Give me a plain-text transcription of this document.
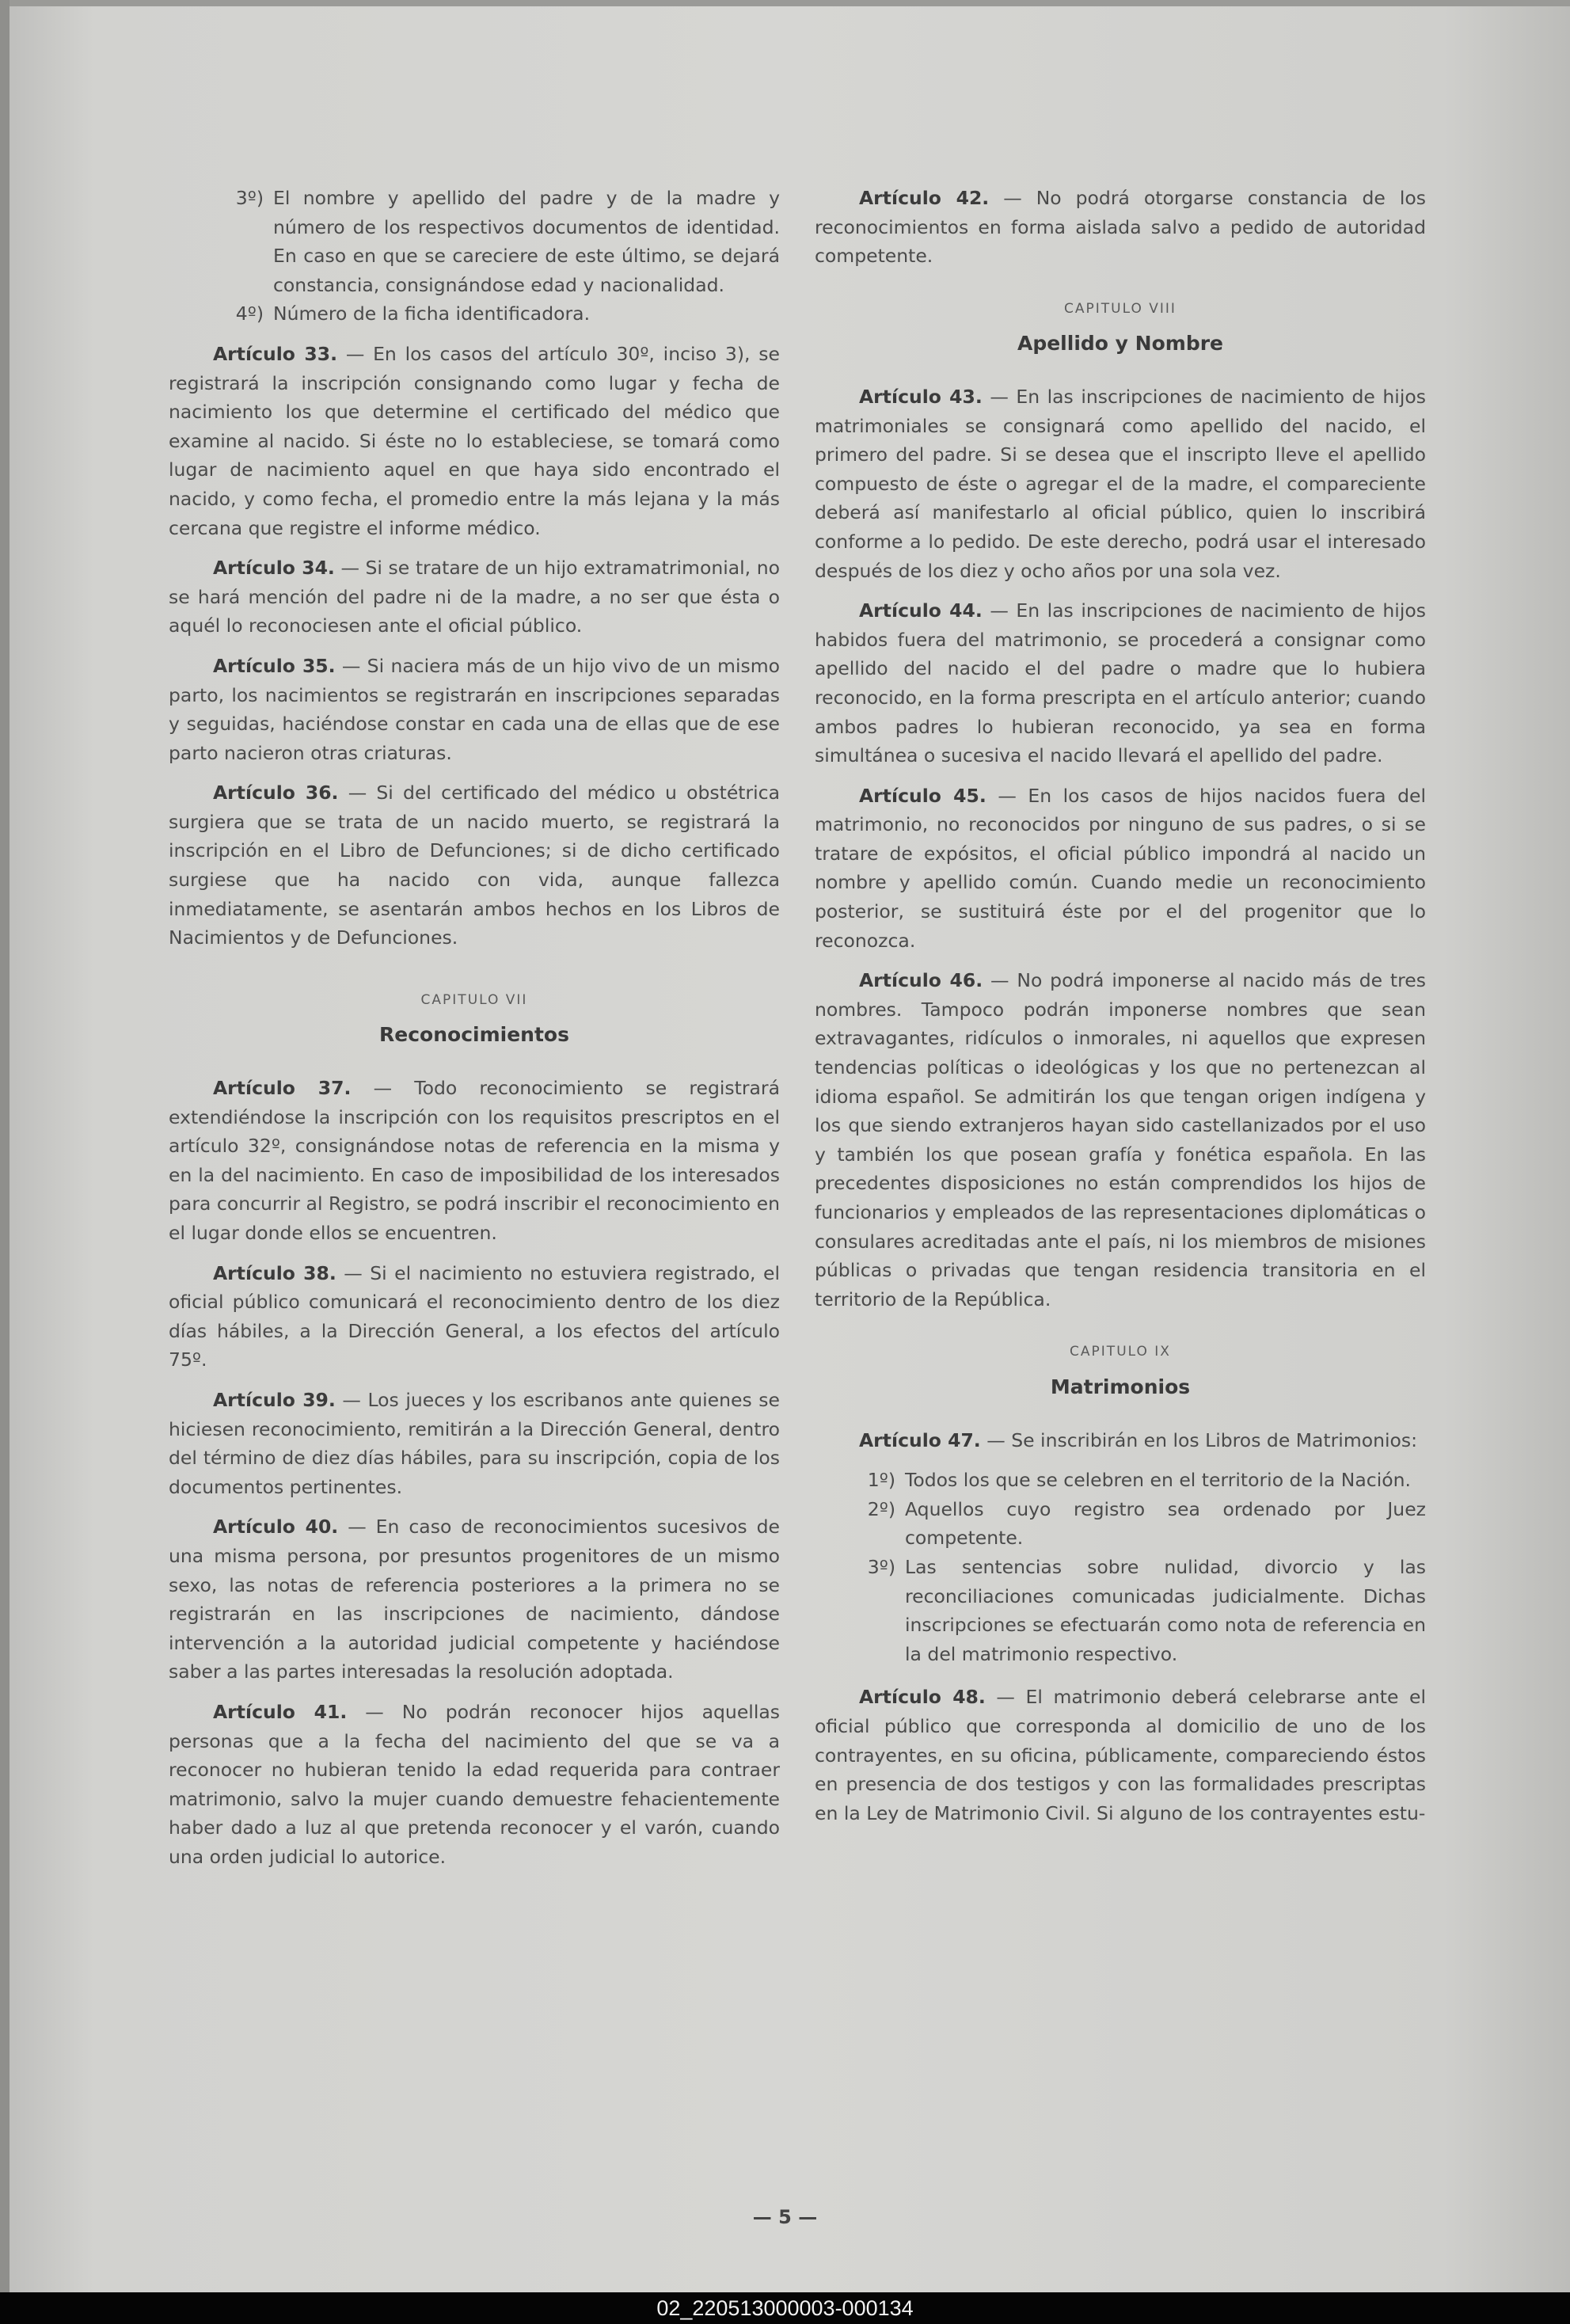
3º) El nombre y apellido del padre y de la madre y número de los respectivos documentos de identidad. En caso en que se careciere de este último, se dejará constancia, consignándose edad y nacionalidad.
4º) Número de la ficha identificadora.

Artículo 33. — En los casos del artículo 30º, inciso 3), se registrará la inscripción consignando como lugar y fecha de nacimiento los que determine el certificado del médico que examine al nacido. Si éste no lo estableciese, se tomará como lugar de nacimiento aquel en que haya sido encontrado el nacido, y como fecha, el promedio entre la más lejana y la más cercana que registre el informe médico.

Artículo 34. — Si se tratare de un hijo extramatrimonial, no se hará mención del padre ni de la madre, a no ser que ésta o aquél lo reconociesen ante el oficial público.

Artículo 35. — Si naciera más de un hijo vivo de un mismo parto, los nacimientos se registrarán en inscripciones separadas y seguidas, haciéndose constar en cada una de ellas que de ese parto nacieron otras criaturas.

Artículo 36. — Si del certificado del médico u obstétrica surgiera que se trata de un nacido muerto, se registrará la inscripción en el Libro de Defunciones; si de dicho certificado surgiese que ha nacido con vida, aunque fallezca inmediatamente, se asentarán ambos hechos en los Libros de Nacimientos y de Defunciones.

CAPITULO VII
Reconocimientos

Artículo 37. — Todo reconocimiento se registrará extendiéndose la inscripción con los requisitos prescriptos en el artículo 32º, consignándose notas de referencia en la misma y en la del nacimiento. En caso de imposibilidad de los interesados para concurrir al Registro, se podrá inscribir el reconocimiento en el lugar donde ellos se encuentren.

Artículo 38. — Si el nacimiento no estuviera registrado, el oficial público comunicará el reconocimiento dentro de los diez días hábiles, a la Dirección General, a los efectos del artículo 75º.

Artículo 39. — Los jueces y los escribanos ante quienes se hiciesen reconocimiento, remitirán a la Dirección General, dentro del término de diez días hábiles, para su inscripción, copia de los documentos pertinentes.

Artículo 40. — En caso de reconocimientos sucesivos de una misma persona, por presuntos progenitores de un mismo sexo, las notas de referencia posteriores a la primera no se registrarán en las inscripciones de nacimiento, dándose intervención a la autoridad judicial competente y haciéndose saber a las partes interesadas la resolución adoptada.

Artículo 41. — No podrán reconocer hijos aquellas personas que a la fecha del nacimiento del que se va a reconocer no hubieran tenido la edad requerida para contraer matrimonio, salvo la mujer cuando demuestre fehacientemente haber dado a luz al que pretenda reconocer y el varón, cuando una orden judicial lo autorice.

Artículo 42. — No podrá otorgarse constancia de los reconocimientos en forma aislada salvo a pedido de autoridad competente.

CAPITULO VIII
Apellido y Nombre

Artículo 43. — En las inscripciones de nacimiento de hijos matrimoniales se consignará como apellido del nacido, el primero del padre. Si se desea que el inscripto lleve el apellido compuesto de éste o agregar el de la madre, el compareciente deberá así manifestarlo al oficial público, quien lo inscribirá conforme a lo pedido. De este derecho, podrá usar el interesado después de los diez y ocho años por una sola vez.

Artículo 44. — En las inscripciones de nacimiento de hijos habidos fuera del matrimonio, se procederá a consignar como apellido del nacido el del padre o madre que lo hubiera reconocido, en la forma prescripta en el artículo anterior; cuando ambos padres lo hubieran reconocido, ya sea en forma simultánea o sucesiva el nacido llevará el apellido del padre.

Artículo 45. — En los casos de hijos nacidos fuera del matrimonio, no reconocidos por ninguno de sus padres, o si se tratare de expósitos, el oficial público impondrá al nacido un nombre y apellido común. Cuando medie un reconocimiento posterior, se sustituirá éste por el del progenitor que lo reconozca.

Artículo 46. — No podrá imponerse al nacido más de tres nombres. Tampoco podrán imponerse nombres que sean extravagantes, ridículos o inmorales, ni aquellos que expresen tendencias políticas o ideológicas y los que no pertenezcan al idioma español. Se admitirán los que tengan origen indígena y los que siendo extranjeros hayan sido castellanizados por el uso y también los que posean grafía y fonética española. En las precedentes disposiciones no están comprendidos los hijos de funcionarios y empleados de las representaciones diplomáticas o consulares acreditadas ante el país, ni los miembros de misiones públicas o privadas que tengan residencia transitoria en el territorio de la República.

CAPITULO IX
Matrimonios

Artículo 47. — Se inscribirán en los Libros de Matrimonios:

1º) Todos los que se celebren en el territorio de la Nación.
2º) Aquellos cuyo registro sea ordenado por Juez competente.
3º) Las sentencias sobre nulidad, divorcio y las reconciliaciones comunicadas judicialmente. Dichas inscripciones se efectuarán como nota de referencia en la del matrimonio respectivo.

Artículo 48. — El matrimonio deberá celebrarse ante el oficial público que corresponda al domicilio de uno de los contrayentes, en su oficina, públicamente, compareciendo éstos en presencia de dos testigos y con las formalidades prescriptas en la Ley de Matrimonio Civil. Si alguno de los contrayentes estu-

— 5 —
02_220513000003-000134
